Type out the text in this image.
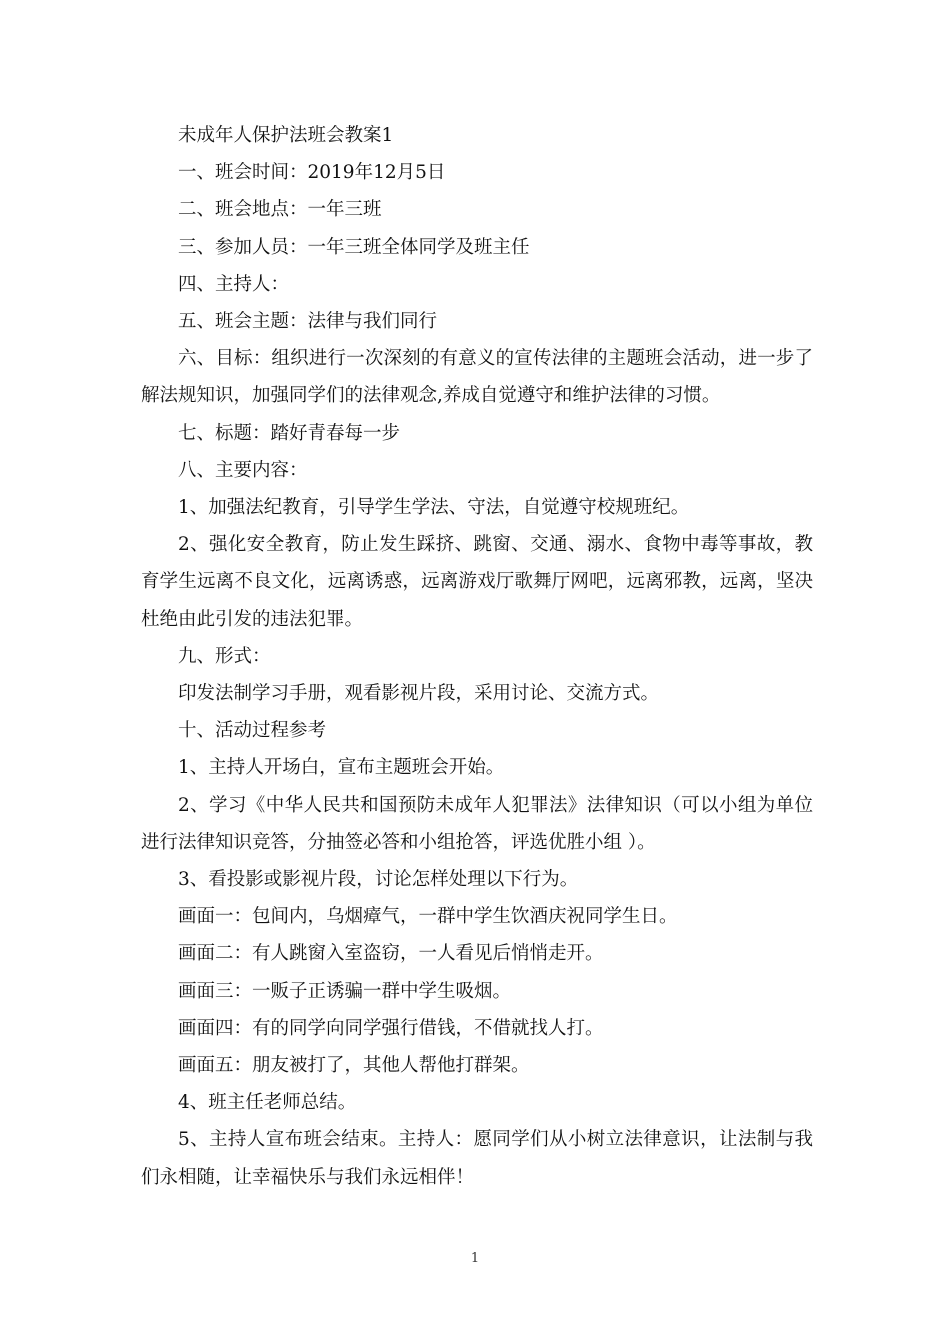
未成年人保护法班会教案1

一、班会时间：2019年12月5日

二、班会地点：一年三班

三、参加人员：一年三班全体同学及班主任

四、主持人：

五、班会主题：法律与我们同行

六、目标：组织进行一次深刻的有意义的宣传法律的主题班会活动，进一步了解法规知识，加强同学们的法律观念,养成自觉遵守和维护法律的习惯。

七、标题：踏好青春每一步

八、主要内容：

1、加强法纪教育，引导学生学法、守法，自觉遵守校规班纪。

2、强化安全教育，防止发生踩挤、跳窗、交通、溺水、食物中毒等事故，教育学生远离不良文化，远离诱惑，远离游戏厅歌舞厅网吧，远离邪教，远离，坚决杜绝由此引发的违法犯罪。

九、形式：

印发法制学习手册，观看影视片段，采用讨论、交流方式。

十、活动过程参考

1、主持人开场白，宣布主题班会开始。

2、学习《中华人民共和国预防未成年人犯罪法》法律知识（可以小组为单位进行法律知识竞答，分抽签必答和小组抢答，评选优胜小组 ）。

3、看投影或影视片段，讨论怎样处理以下行为。

画面一：包间内，乌烟瘴气，一群中学生饮酒庆祝同学生日。

画面二：有人跳窗入室盗窃，一人看见后悄悄走开。

画面三：一贩子正诱骗一群中学生吸烟。

画面四：有的同学向同学强行借钱，不借就找人打。

画面五：朋友被打了，其他人帮他打群架。

4、班主任老师总结。

5、主持人宣布班会结束。主持人：愿同学们从小树立法律意识，让法制与我们永相随，让幸福快乐与我们永远相伴！

1
